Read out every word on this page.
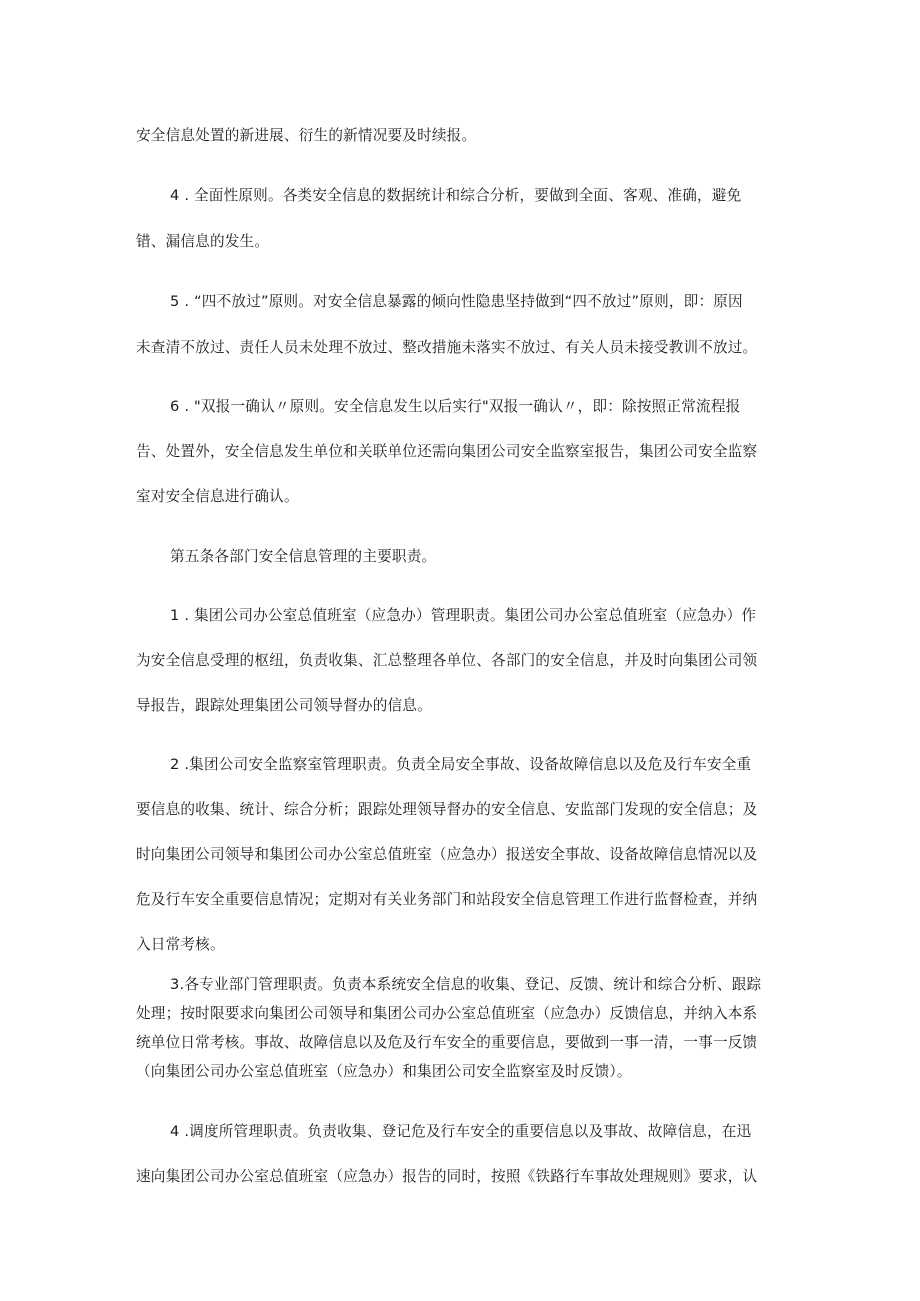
安全信息处置的新进展、衍生的新情况要及时续报。
4 . 全面性原则。各类安全信息的数据统计和综合分析，要做到全面、客观、准确，避免
错、漏信息的发生。
5 . “四不放过”原则。对安全信息暴露的倾向性隐患坚持做到“四不放过”原则，即：原因
未查清不放过、责任人员未处理不放过、整改措施未落实不放过、有关人员未接受教训不放过。
6 . "双报一确认〃原则。安全信息发生以后实行"双报一确认〃，即：除按照正常流程报
告、处置外，安全信息发生单位和关联单位还需向集团公司安全监察室报告，集团公司安全监察
室对安全信息进行确认。
第五条各部门安全信息管理的主要职责。
1 . 集团公司办公室总值班室（应急办）管理职责。集团公司办公室总值班室（应急办）作
为安全信息受理的枢纽，负责收集、汇总整理各单位、各部门的安全信息，并及时向集团公司领
导报告，跟踪处理集团公司领导督办的信息。
2 .集团公司安全监察室管理职责。负责全局安全事故、设备故障信息以及危及行车安全重
要信息的收集、统计、综合分析；跟踪处理领导督办的安全信息、安监部门发现的安全信息；及
时向集团公司领导和集团公司办公室总值班室（应急办）报送安全事故、设备故障信息情况以及
危及行车安全重要信息情况；定期对有关业务部门和站段安全信息管理工作进行监督检查，并纳
入日常考核。
3.各专业部门管理职责。负责本系统安全信息的收集、登记、反馈、统计和综合分析、跟踪
处理；按时限要求向集团公司领导和集团公司办公室总值班室（应急办）反馈信息，并纳入本系
统单位日常考核。事故、故障信息以及危及行车安全的重要信息，要做到一事一清，一事一反馈
（向集团公司办公室总值班室（应急办）和集团公司安全监察室及时反馈）。
4 .调度所管理职责。负责收集、登记危及行车安全的重要信息以及事故、故障信息，在迅
速向集团公司办公室总值班室（应急办）报告的同时，按照《铁路行车事故处理规则》要求，认
